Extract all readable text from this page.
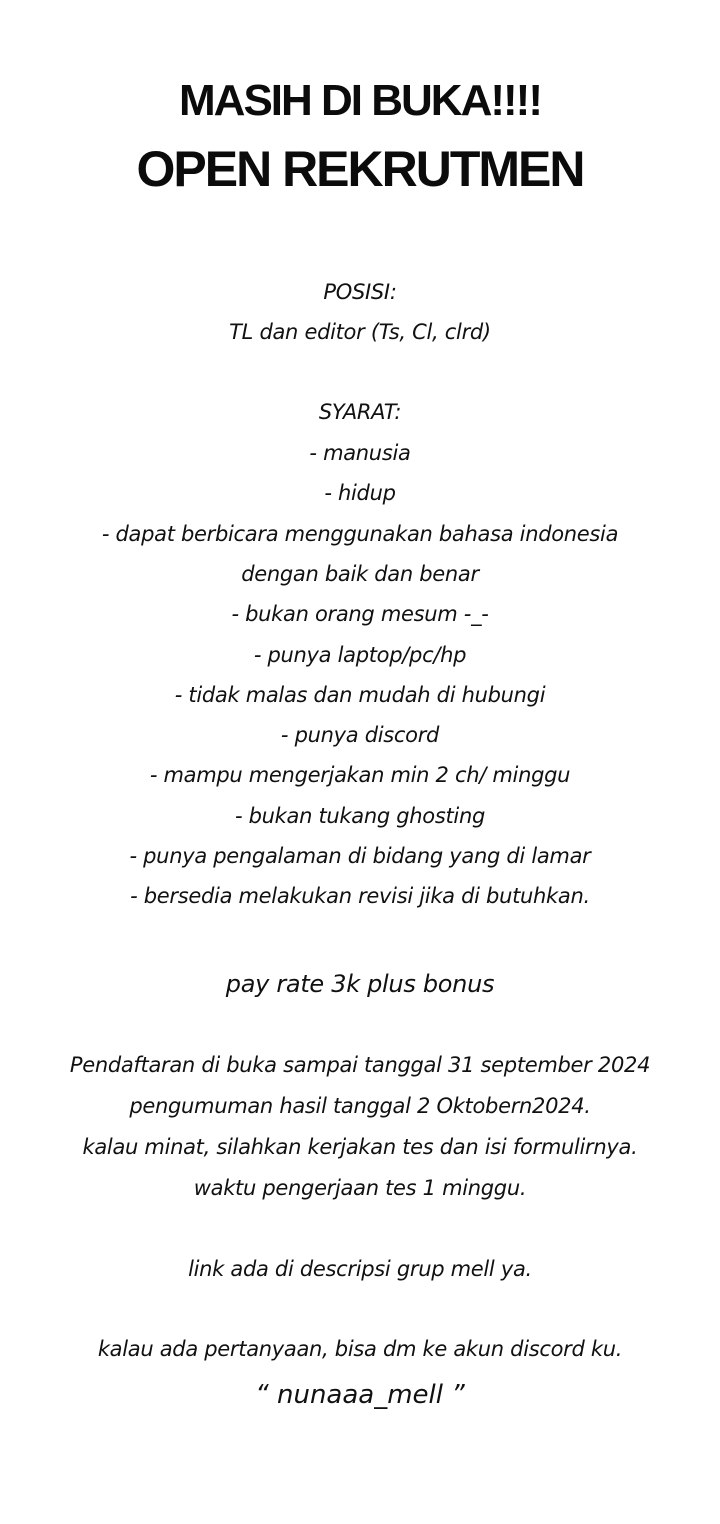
MASIH DI BUKA!!!!
OPEN REKRUTMEN
POSISI:
TL dan editor (Ts, Cl, clrd)
SYARAT:
- manusia
- hidup
- dapat berbicara menggunakan bahasa indonesia
dengan baik dan benar
- bukan orang mesum -_-
- punya laptop/pc/hp
- tidak malas dan mudah di hubungi
- punya discord
- mampu mengerjakan min 2 ch/ minggu
- bukan tukang ghosting
- punya pengalaman di bidang yang di lamar
- bersedia melakukan revisi jika di butuhkan.
pay rate 3k plus bonus
Pendaftaran di buka sampai tanggal 31 september 2024
pengumuman hasil tanggal 2 Oktobern2024.
kalau minat, silahkan kerjakan tes dan isi formulirnya.
waktu pengerjaan tes 1 minggu.
link ada di descripsi grup mell ya.
kalau ada pertanyaan, bisa dm ke akun discord ku.
“ nunaaa_mell ”
